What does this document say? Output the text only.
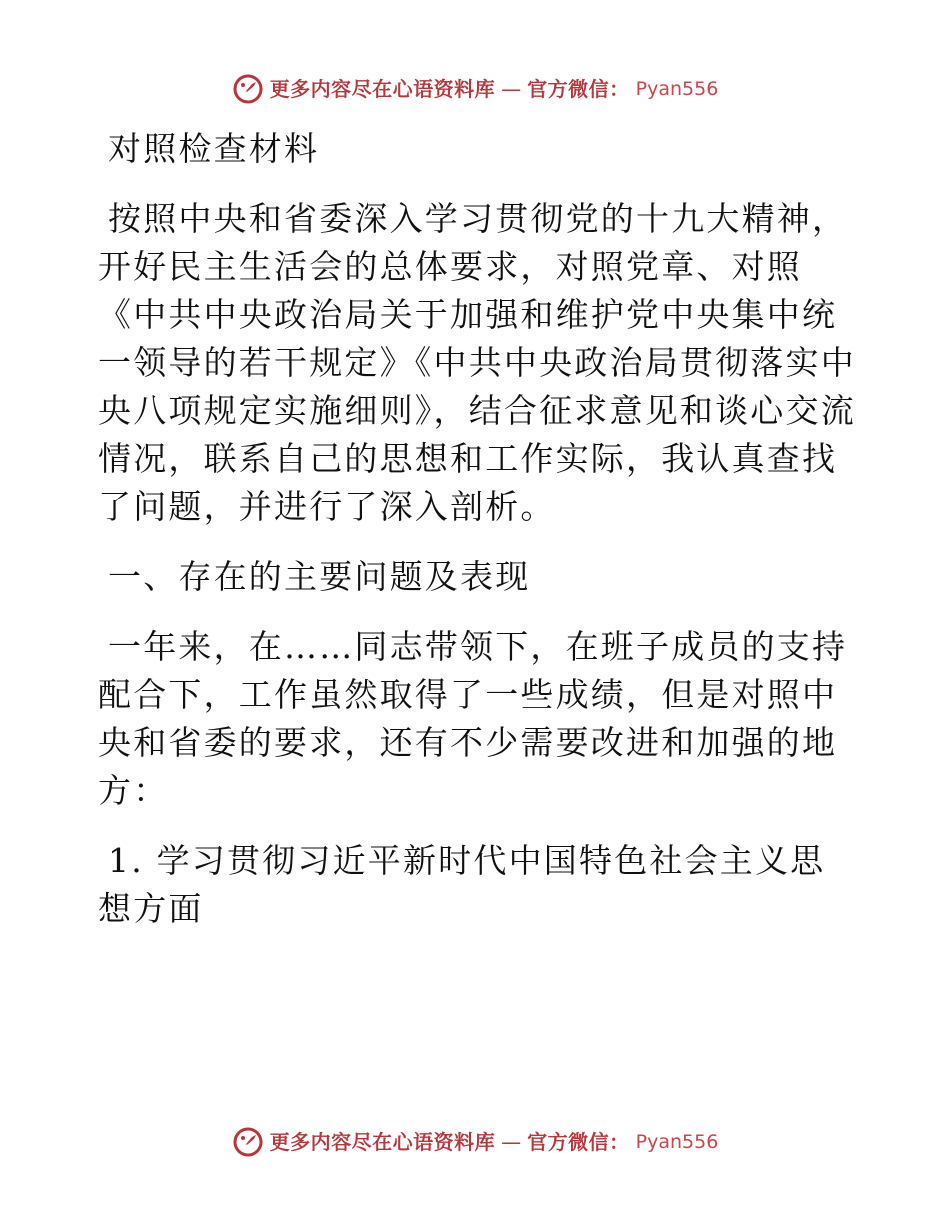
更多内容尽在心语资料库 — 官方微信： Pyan556

对照检查材料

按照中央和省委深入学习贯彻党的十九大精神，开好民主生活会的总体要求，对照党章、对照《中共中央政治局关于加强和维护党中央集中统一领导的若干规定》《中共中央政治局贯彻落实中央八项规定实施细则》，结合征求意见和谈心交流情况，联系自己的思想和工作实际，我认真查找了问题，并进行了深入剖析。

一、存在的主要问题及表现

一年来，在……同志带领下，在班子成员的支持配合下，工作虽然取得了一些成绩，但是对照中央和省委的要求，还有不少需要改进和加强的地方：

1. 学习贯彻习近平新时代中国特色社会主义思想方面

更多内容尽在心语资料库 — 官方微信： Pyan556
